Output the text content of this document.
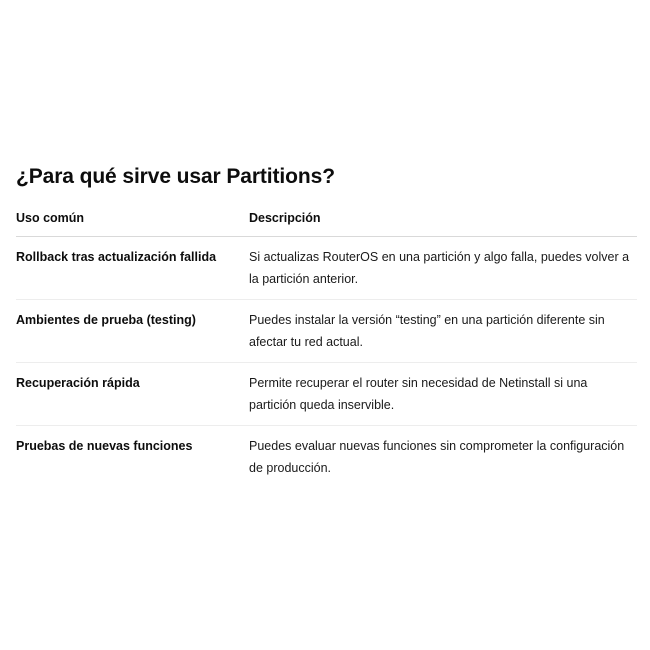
¿Para qué sirve usar Partitions?
Uso común	Descripción
Rollback tras actualización fallida	Si actualizas RouterOS en una partición y algo falla, puedes volver a la partición anterior.
Ambientes de prueba (testing)	Puedes instalar la versión “testing” en una partición diferente sin afectar tu red actual.
Recuperación rápida	Permite recuperar el router sin necesidad de Netinstall si una partición queda inservible.
Pruebas de nuevas funciones	Puedes evaluar nuevas funciones sin comprometer la configuración de producción.
